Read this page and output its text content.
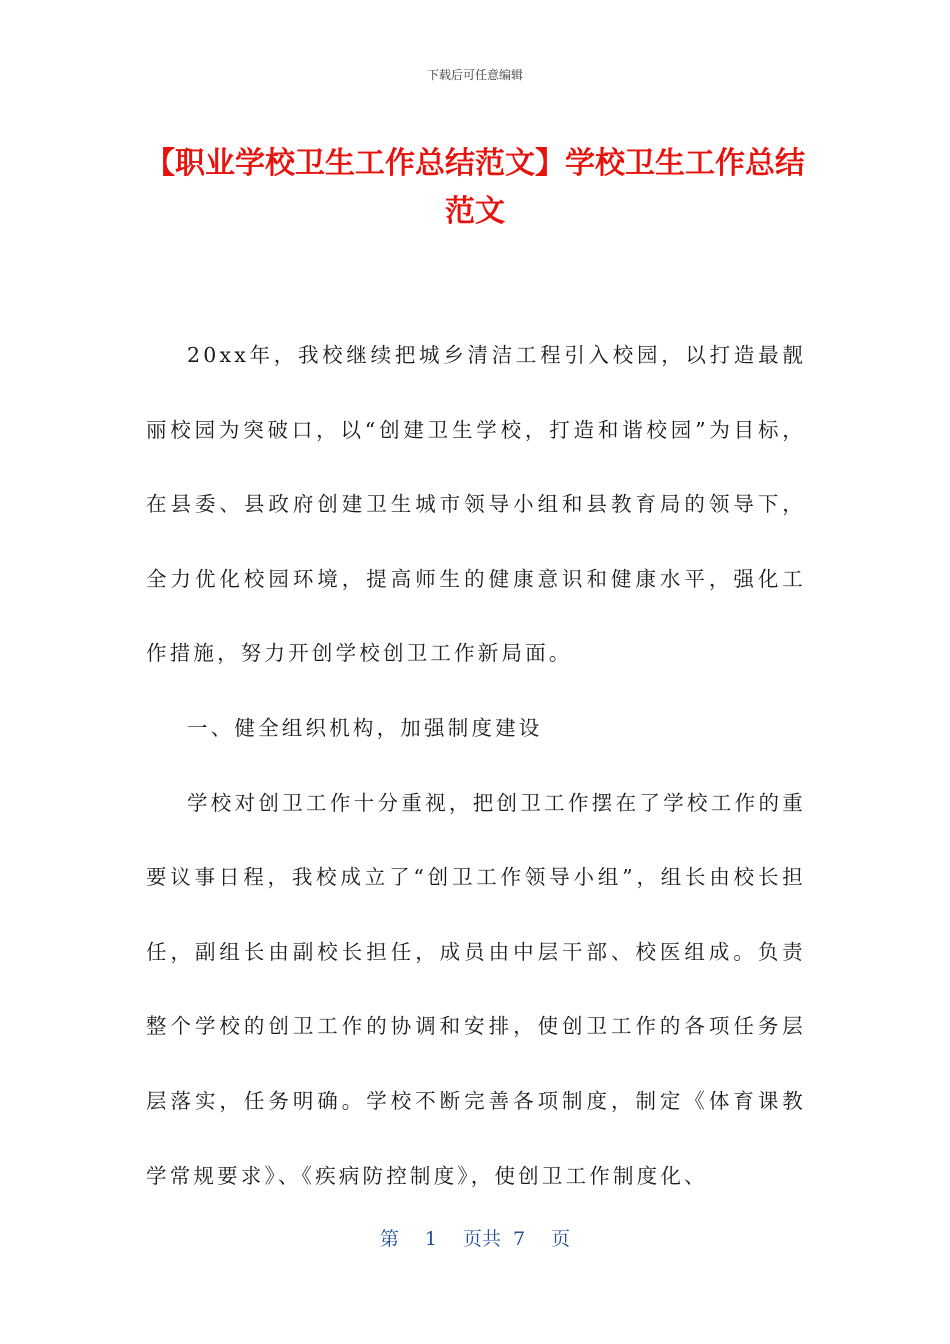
下载后可任意编辑
【职业学校卫生工作总结范文】学校卫生工作总结范文

20xx年，我校继续把城乡清洁工程引入校园，以打造最靓丽校园为突破口，以“创建卫生学校，打造和谐校园”为目标，在县委、县政府创建卫生城市领导小组和县教育局的领导下，全力优化校园环境，提高师生的健康意识和健康水平，强化工作措施，努力开创学校创卫工作新局面。

一、健全组织机构，加强制度建设

学校对创卫工作十分重视，把创卫工作摆在了学校工作的重要议事日程，我校成立了“创卫工作领导小组”，组长由校长担任，副组长由副校长担任，成员由中层干部、校医组成。负责整个学校的创卫工作的协调和安排，使创卫工作的各项任务层层落实，任务明确。学校不断完善各项制度，制定《体育课教学常规要求》、《疾病防控制度》，使创卫工作制度化、

第 1 页共 7 页
